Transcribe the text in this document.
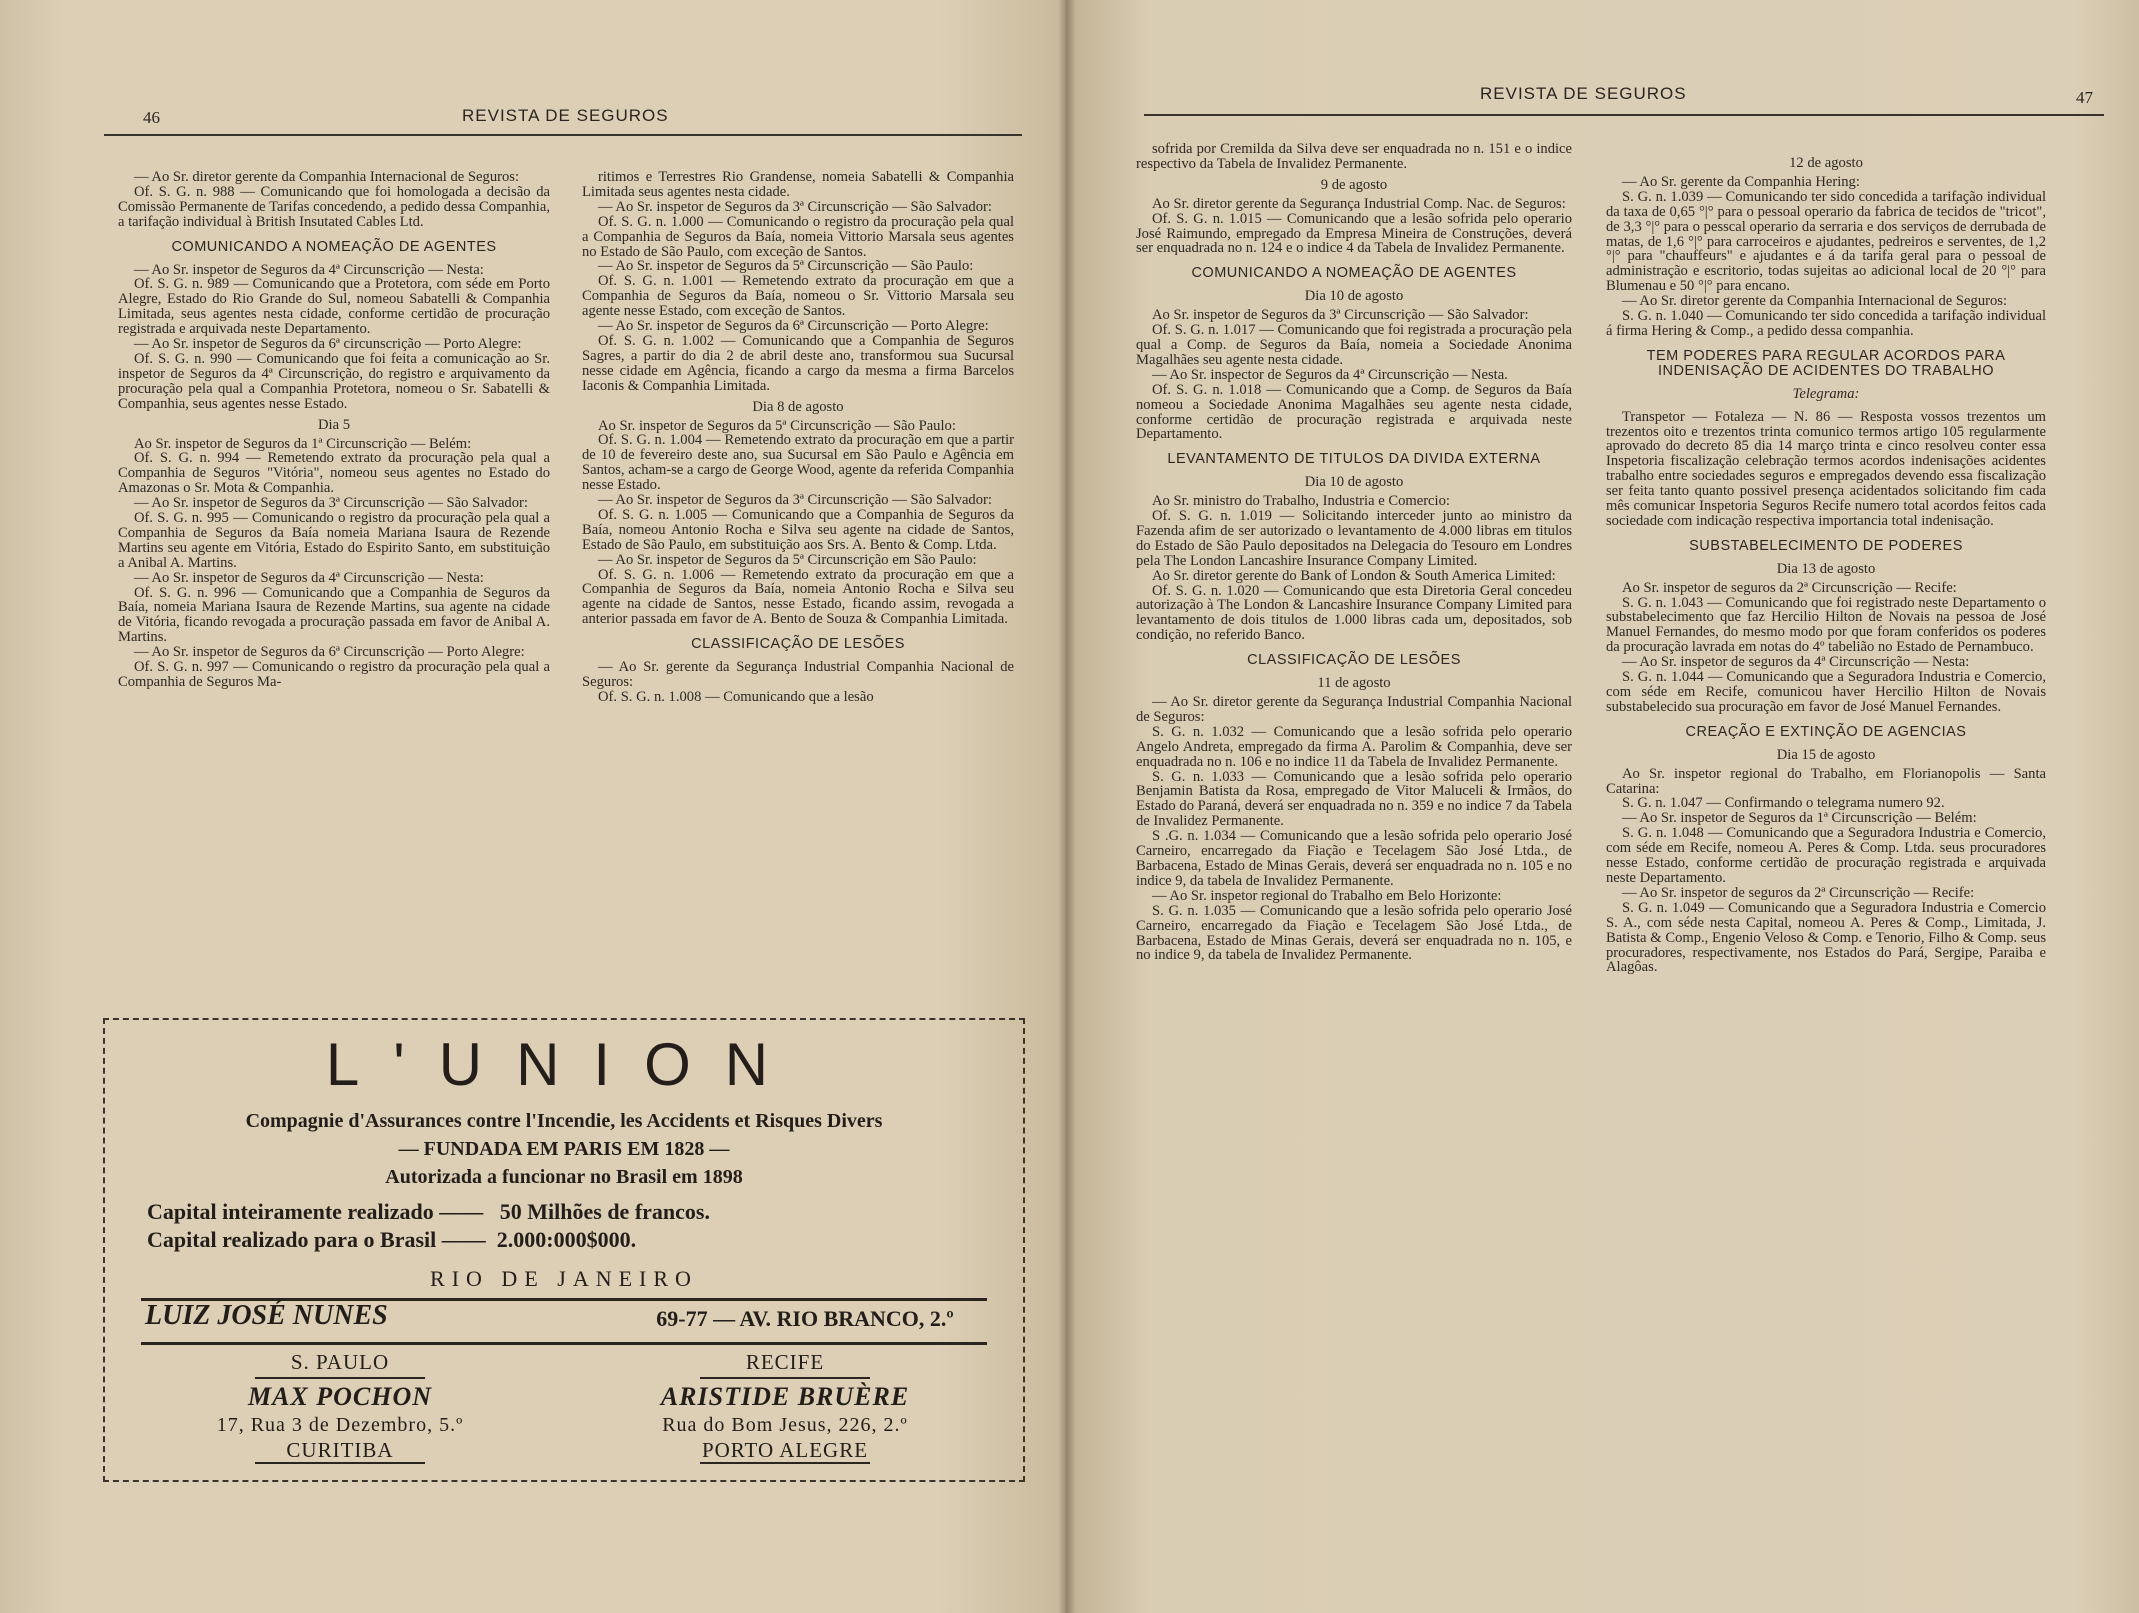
46	REVISTA DE SEGUROS

— Ao Sr. diretor gerente da Companhia Internacional de Seguros:

Of. S. G. n. 988 — Comunicando que foi homologada a decisão da Comissão Permanente de Tarifas concedendo, a pedido dessa Companhia, a tarifação individual à British Insutated Cables Ltd.

COMUNICANDO A NOMEAÇÃO DE AGENTES

— Ao Sr. inspetor de Seguros da 4ª Circunscrição — Nesta:

Of. S. G. n. 989 — Comunicando que a Protetora, com séde em Porto Alegre, Estado do Rio Grande do Sul, nomeou Sabatelli & Companhia Limitada, seus agentes nesta cidade, conforme certidão de procuração registrada e arquivada neste Departamento.

— Ao Sr. inspetor de Seguros da 6ª circunscrição — Porto Alegre:

Of. S. G. n. 990 — Comunicando que foi feita a comunicação ao Sr. inspetor de Seguros da 4ª Circunscrição, do registro e arquivamento da procuração pela qual a Companhia Protetora, nomeou o Sr. Sabatelli & Companhia, seus agentes nesse Estado.

Dia 5

Ao Sr. inspetor de Seguros da 1ª Circunscrição — Belém:

Of. S. G. n. 994 — Remetendo extrato da procuração pela qual a Companhia de Seguros "Vitória", nomeou seus agentes no Estado do Amazonas o Sr. Mota & Companhia.

— Ao Sr. inspetor de Seguros da 3ª Circunscrição — São Salvador:

Of. S. G. n. 995 — Comunicando o registro da procuração pela qual a Companhia de Seguros da Baía nomeia Mariana Isaura de Rezende Martins seu agente em Vitória, Estado do Espirito Santo, em substituição a Anibal A. Martins.

— Ao Sr. inspetor de Seguros da 4ª Circunscrição — Nesta:

Of. S. G. n. 996 — Comunicando que a Companhia de Seguros da Baía, nomeia Mariana Isaura de Rezende Martins, sua agente na cidade de Vitória, ficando revogada a procuração passada em favor de Anibal A. Martins.

— Ao Sr. inspetor de Seguros da 6ª Circunscrição — Porto Alegre:

Of. S. G. n. 997 — Comunicando o registro da procuração pela qual a Companhia de Seguros Ma-

ritimos e Terrestres Rio Grandense, nomeia Sabatelli & Companhia Limitada seus agentes nesta cidade.

— Ao Sr. inspetor de Seguros da 3ª Circunscrição — São Salvador:

Of. S. G. n. 1.000 — Comunicando o registro da procuração pela qual a Companhia de Seguros da Baía, nomeia Vittorio Marsala seus agentes no Estado de São Paulo, com exceção de Santos.

— Ao Sr. inspetor de Seguros da 5ª Circunscrição — São Paulo:

Of. S. G. n. 1.001 — Remetendo extrato da procuração em que a Companhia de Seguros da Baía, nomeou o Sr. Vittorio Marsala seu agente nesse Estado, com exceção de Santos.

— Ao Sr. inspetor de Seguros da 6ª Circunscrição — Porto Alegre:

Of. S. G. n. 1.002 — Comunicando que a Companhia de Seguros Sagres, a partir do dia 2 de abril deste ano, transformou sua Sucursal nesse cidade em Agência, ficando a cargo da mesma a firma Barcelos Iaconis & Companhia Limitada.

Dia 8 de agosto

Ao Sr. inspetor de Seguros da 5ª Circunscrição — São Paulo:

Of. S. G. n. 1.004 — Remetendo extrato da procuração em que a partir de 10 de fevereiro deste ano, sua Sucursal em São Paulo e Agência em Santos, acham-se a cargo de George Wood, agente da referida Companhia nesse Estado.

— Ao Sr. inspetor de Seguros da 3ª Circunscrição — São Salvador:

Of. S. G. n. 1.005 — Comunicando que a Companhia de Seguros da Baía, nomeou Antonio Rocha e Silva seu agente na cidade de Santos, Estado de São Paulo, em substituição aos Srs. A. Bento & Comp. Ltda.

— Ao Sr. inspetor de Seguros da 5ª Circunscrição em São Paulo:

Of. S. G. n. 1.006 — Remetendo extrato da procuração em que a Companhia de Seguros da Baía, nomeia Antonio Rocha e Silva seu agente na cidade de Santos, nesse Estado, ficando assim, revogada a anterior passada em favor de A. Bento de Souza & Companhia Limitada.

CLASSIFICAÇÃO DE LESÕES

— Ao Sr. gerente da Segurança Industrial Companhia Nacional de Seguros:

Of. S. G. n. 1.008 — Comunicando que a lesão

L'UNION
Compagnie d'Assurances contre l'Incendie, les Accidents et Risques Divers
— FUNDADA EM PARIS EM 1828 —
Autorizada a funcionar no Brasil em 1898
Capital inteiramente realizado —— 50 Milhões de francos.
Capital realizado para o Brasil —— 2.000:000$000.
RIO DE JANEIRO
LUIZ JOSÉ NUNES	69-77 — AV. RIO BRANCO, 2.º
S. PAULO
MAX POCHON
17, Rua 3 de Dezembro, 5.º
CURITIBA
RECIFE
ARISTIDE BRUÈRE
Rua do Bom Jesus, 226, 2.º
PORTO ALEGRE
REVISTA DE SEGUROS	47

sofrida por Cremilda da Silva deve ser enquadrada no n. 151 e o indice respectivo da Tabela de Invalidez Permanente.

9 de agosto

Ao Sr. diretor gerente da Segurança Industrial Comp. Nac. de Seguros:

Of. S. G. n. 1.015 — Comunicando que a lesão sofrida pelo operario José Raimundo, empregado da Empresa Mineira de Construções, deverá ser enquadrada no n. 124 e o indice 4 da Tabela de Invalidez Permanente.

COMUNICANDO A NOMEAÇÃO DE AGENTES

Dia 10 de agosto

Ao Sr. inspetor de Seguros da 3ª Circunscrição — São Salvador:

Of. S. G. n. 1.017 — Comunicando que foi registrada a procuração pela qual a Comp. de Seguros da Baía, nomeia a Sociedade Anonima Magalhães seu agente nesta cidade.

— Ao Sr. inspector de Seguros da 4ª Circunscrição — Nesta.

Of. S. G. n. 1.018 — Comunicando que a Comp. de Seguros da Baía nomeou a Sociedade Anonima Magalhães seu agente nesta cidade, conforme certidão de procuração registrada e arquivada neste Departamento.

LEVANTAMENTO DE TITULOS DA DIVIDA EXTERNA

Dia 10 de agosto

Ao Sr. ministro do Trabalho, Industria e Comercio:

Of. S. G. n. 1.019 — Solicitando interceder junto ao ministro da Fazenda afim de ser autorizado o levantamento de 4.000 libras em titulos do Estado de São Paulo depositados na Delegacia do Tesouro em Londres pela The London Lancashire Insurance Company Limited.

Ao Sr. diretor gerente do Bank of London & South America Limited:

Of. S. G. n. 1.020 — Comunicando que esta Diretoria Geral concedeu autorização à The London & Lancashire Insurance Company Limited para levantamento de dois titulos de 1.000 libras cada um, depositados, sob condição, no referido Banco.

CLASSIFICAÇÃO DE LESÕES

11 de agosto

— Ao Sr. diretor gerente da Segurança Industrial Companhia Nacional de Seguros:

S. G. n. 1.032 — Comunicando que a lesão sofrida pelo operario Angelo Andreta, empregado da firma A. Parolim & Companhia, deve ser enquadrada no n. 106 e no indice 11 da Tabela de Invalidez Permanente.

S. G. n. 1.033 — Comunicando que a lesão sofrida pelo operario Benjamin Batista da Rosa, empregado de Vitor Maluceli & Irmãos, do Estado do Paraná, deverá ser enquadrada no n. 359 e no indice 7 da Tabela de Invalidez Permanente.

S .G. n. 1.034 — Comunicando que a lesão sofrida pelo operario José Carneiro, encarregado da Fiação e Tecelagem São José Ltda., de Barbacena, Estado de Minas Gerais, deverá ser enquadrada no n. 105 e no indice 9, da tabela de Invalidez Permanente.

— Ao Sr. inspetor regional do Trabalho em Belo Horizonte:

S. G. n. 1.035 — Comunicando que a lesão sofrida pelo operario José Carneiro, encarregado da Fiação e Tecelagem São José Ltda., de Barbacena, Estado de Minas Gerais, deverá ser enquadrada no n. 105, e no indice 9, da tabela de Invalidez Permanente.

12 de agosto

— Ao Sr. gerente da Companhia Hering:

S. G. n. 1.039 — Comunicando ter sido concedida a tarifação individual da taxa de 0,65 °|° para o pessoal operario da fabrica de tecidos de "tricot", de 3,3 °|° para o pesscal operario da serraria e dos serviços de derrubada de matas, de 1,6 °|° para carroceiros e ajudantes, pedreiros e serventes, de 1,2 °|° para "chauffeurs" e ajudantes e á da tarifa geral para o pessoal de administração e escritorio, todas sujeitas ao adicional local de 20 °|° para Blumenau e 50 °|° para encano.

— Ao Sr. diretor gerente da Companhia Internacional de Seguros:

S. G. n. 1.040 — Comunicando ter sido concedida a tarifação individual á firma Hering & Comp., a pedido dessa companhia.

TEM PODERES PARA REGULAR ACORDOS PARA INDENISAÇÃO DE ACIDENTES DO TRABALHO

Telegrama:

Transpetor — Fotaleza — N. 86 — Resposta vossos trezentos um trezentos oito e trezentos trinta comunico termos artigo 105 regularmente aprovado do decreto 85 dia 14 março trinta e cinco resolveu conter essa Inspetoria fiscalização celebração termos acordos indenisações acidentes trabalho entre sociedades seguros e empregados devendo essa fiscalização ser feita tanto quanto possivel presença acidentados solicitando fim cada mês comunicar Inspetoria Seguros Recife numero total acordos feitos cada sociedade com indicação respectiva importancia total indenisação.

SUBSTABELECIMENTO DE PODERES

Dia 13 de agosto

Ao Sr. inspetor de seguros da 2ª Circunscrição — Recife:

S. G. n. 1.043 — Comunicando que foi registrado neste Departamento o substabelecimento que faz Hercilio Hilton de Novais na pessoa de José Manuel Fernandes, do mesmo modo por que foram conferidos os poderes da procuração lavrada em notas do 4º tabelião no Estado de Pernambuco.

— Ao Sr. inspetor de seguros da 4ª Circunscrição — Nesta:

S. G. n. 1.044 — Comunicando que a Seguradora Industria e Comercio, com séde em Recife, comunicou haver Hercilio Hilton de Novais substabelecido sua procuração em favor de José Manuel Fernandes.

CREAÇÃO E EXTINÇÃO DE AGENCIAS

Dia 15 de agosto

Ao Sr. inspetor regional do Trabalho, em Florianopolis — Santa Catarina:

S. G. n. 1.047 — Confirmando o telegrama numero 92.

— Ao Sr. inspetor de Seguros da 1ª Circunscrição — Belém:

S. G. n. 1.048 — Comunicando que a Seguradora Industria e Comercio, com séde em Recife, nomeou A. Peres & Comp. Ltda. seus procuradores nesse Estado, conforme certidão de procuração registrada e arquivada neste Departamento.

— Ao Sr. inspetor de seguros da 2ª Circunscrição — Recife:

S. G. n. 1.049 — Comunicando que a Seguradora Industria e Comercio S. A., com séde nesta Capital, nomeou A. Peres & Comp., Limitada, J. Batista & Comp., Engenio Veloso & Comp. e Tenorio, Filho & Comp. seus procuradores, respectivamente, nos Estados do Pará, Sergipe, Paraiba e Alagôas.
